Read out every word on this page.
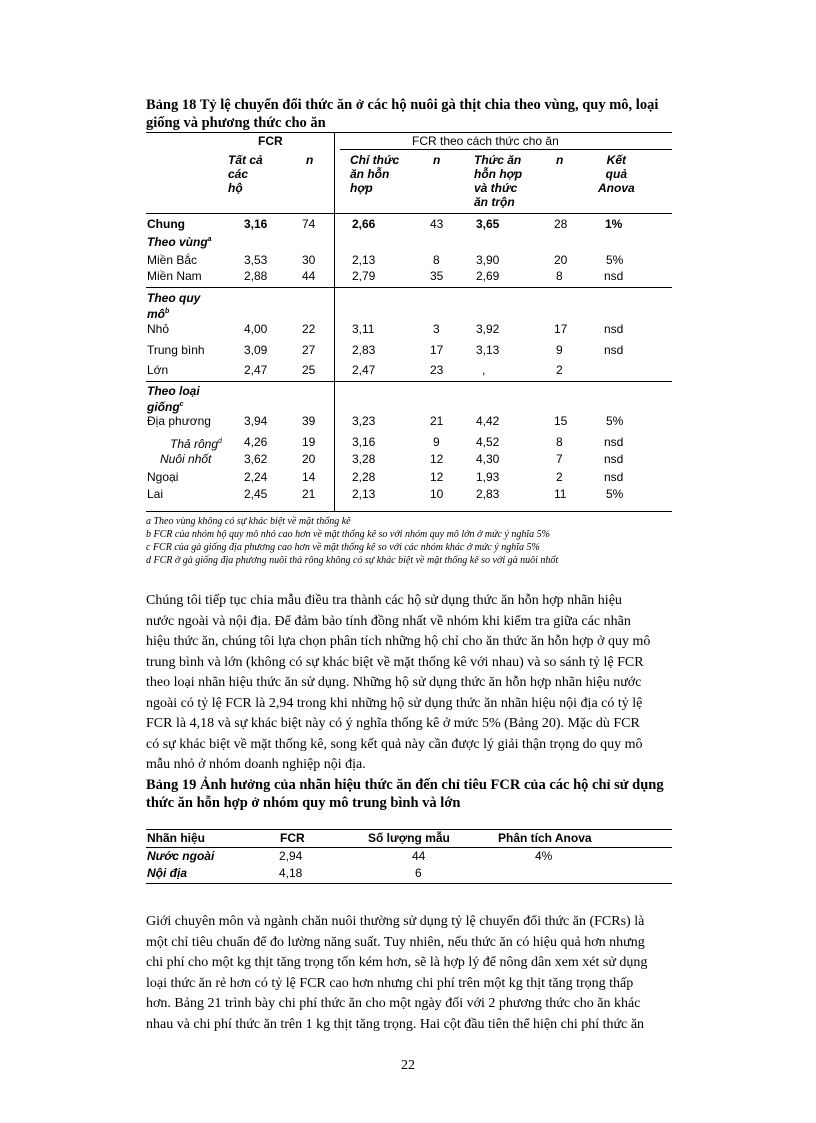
Bảng 18 Tỷ lệ chuyển đổi thức ăn ở các hộ nuôi gà thịt chia theo vùng, quy mô, loại
giống và phương thức cho ăn
FCR	FCR theo cách thức cho ăn
Tất cả
các
hộ
n	Chỉ thức
ăn hỗn
hợp
n	Thức ăn
hỗn hợp
và thức
ăn trộn
n	Kết
quả
Anova
Chung	3,16	74	2,66	43	3,65	28	1%
Theo vùng$^a$
Miền Bắc	3,53	30	2,13	8	3,90	20	5%
Miền Nam	2,88	44	2,79	35	2,69	8	nsd
Theo quy
$mô^b$
Nhỏ	4,00	22	3,11	3	3,92	17	nsd
Trung bình	3,09	27	2,83	17	3,13	9	nsd
Lớn	2,47	25	2,47	23	,	2
Theo loại
giống$^c$
Địa phương	3,94	39	3,23	21	4,42	15	5%
Thả rông$^d$ 4,26	19	3,16	9	4,52	8	nsd
Nuôi nhốt	3,62	20	3,28	12	4,30	7	nsd
Ngoại	2,24	14	2,28	12	1,93	2	nsd
Lai	2,45	21	2,13	10	2,83	11	5%
a Theo vùng không có sự khác biệt về mặt thống kê
b FCR của nhóm hộ quy mô nhỏ cao hơn về mặt thống kê so với nhóm quy mô lớn ở mức ý nghĩa 5%
c FCR của gà giống địa phương cao hơn về mặt thống kê so với các nhóm khác ở mức ý nghĩa 5%
d FCR ở gà giống địa phương nuôi thả rông không có sự khác biệt về mặt thống kê so với gà nuôi nhốt
Chúng tôi tiếp tục chia mẫu điều tra thành các hộ sử dụng thức ăn hỗn hợp nhãn hiệu
nước ngoài và nội địa. Để đảm bảo tính đồng nhất về nhóm khi kiểm tra giữa các nhãn
hiệu thức ăn, chúng tôi lựa chọn phân tích những hộ chỉ cho ăn thức ăn hỗn hợp ở quy mô
trung bình và lớn (không có sự khác biệt về mặt thống kê với nhau) và so sánh tỷ lệ FCR
theo loại nhãn hiệu thức ăn sử dụng. Những hộ sử dụng thức ăn hỗn hợp nhãn hiệu nước
ngoài có tỷ lệ FCR là 2,94 trong khi những hộ sử dụng thức ăn nhãn hiệu nội địa có tỷ lệ
FCR là 4,18 và sự khác biệt này có ý nghĩa thống kê ở mức 5% (Bảng 20). Mặc dù FCR
có sự khác biệt về mặt thống kê, song kết quả này cần được lý giải thận trọng do quy mô
mẫu nhỏ ở nhóm doanh nghiệp nội địa.
Bảng 19 Ảnh hưởng của nhãn hiệu thức ăn đến chỉ tiêu FCR của các hộ chỉ sử dụng
thức ăn hỗn hợp ở nhóm quy mô trung bình và lớn
Nhãn hiệu	FCR	Số lượng mẫu	Phân tích Anova
Nước ngoài	2,94	44	4%
Nội địa	4,18	6
Giới chuyên môn và ngành chăn nuôi thường sử dụng tỷ lệ chuyển đổi thức ăn (FCRs) là
một chỉ tiêu chuẩn để đo lường năng suất. Tuy nhiên, nếu thức ăn có hiệu quả hơn nhưng
chi phí cho một kg thịt tăng trọng tốn kém hơn, sẽ là hợp lý để nông dân xem xét sử dụng
loại thức ăn rẻ hơn có tỷ lệ FCR cao hơn nhưng chi phí trên một kg thịt tăng trọng thấp
hơn. Bảng 21 trình bày chi phí thức ăn cho một ngày đối với 2 phương thức cho ăn khác
nhau và chi phí thức ăn trên 1 kg thịt tăng trọng. Hai cột đầu tiên thể hiện chi phí thức ăn
22
